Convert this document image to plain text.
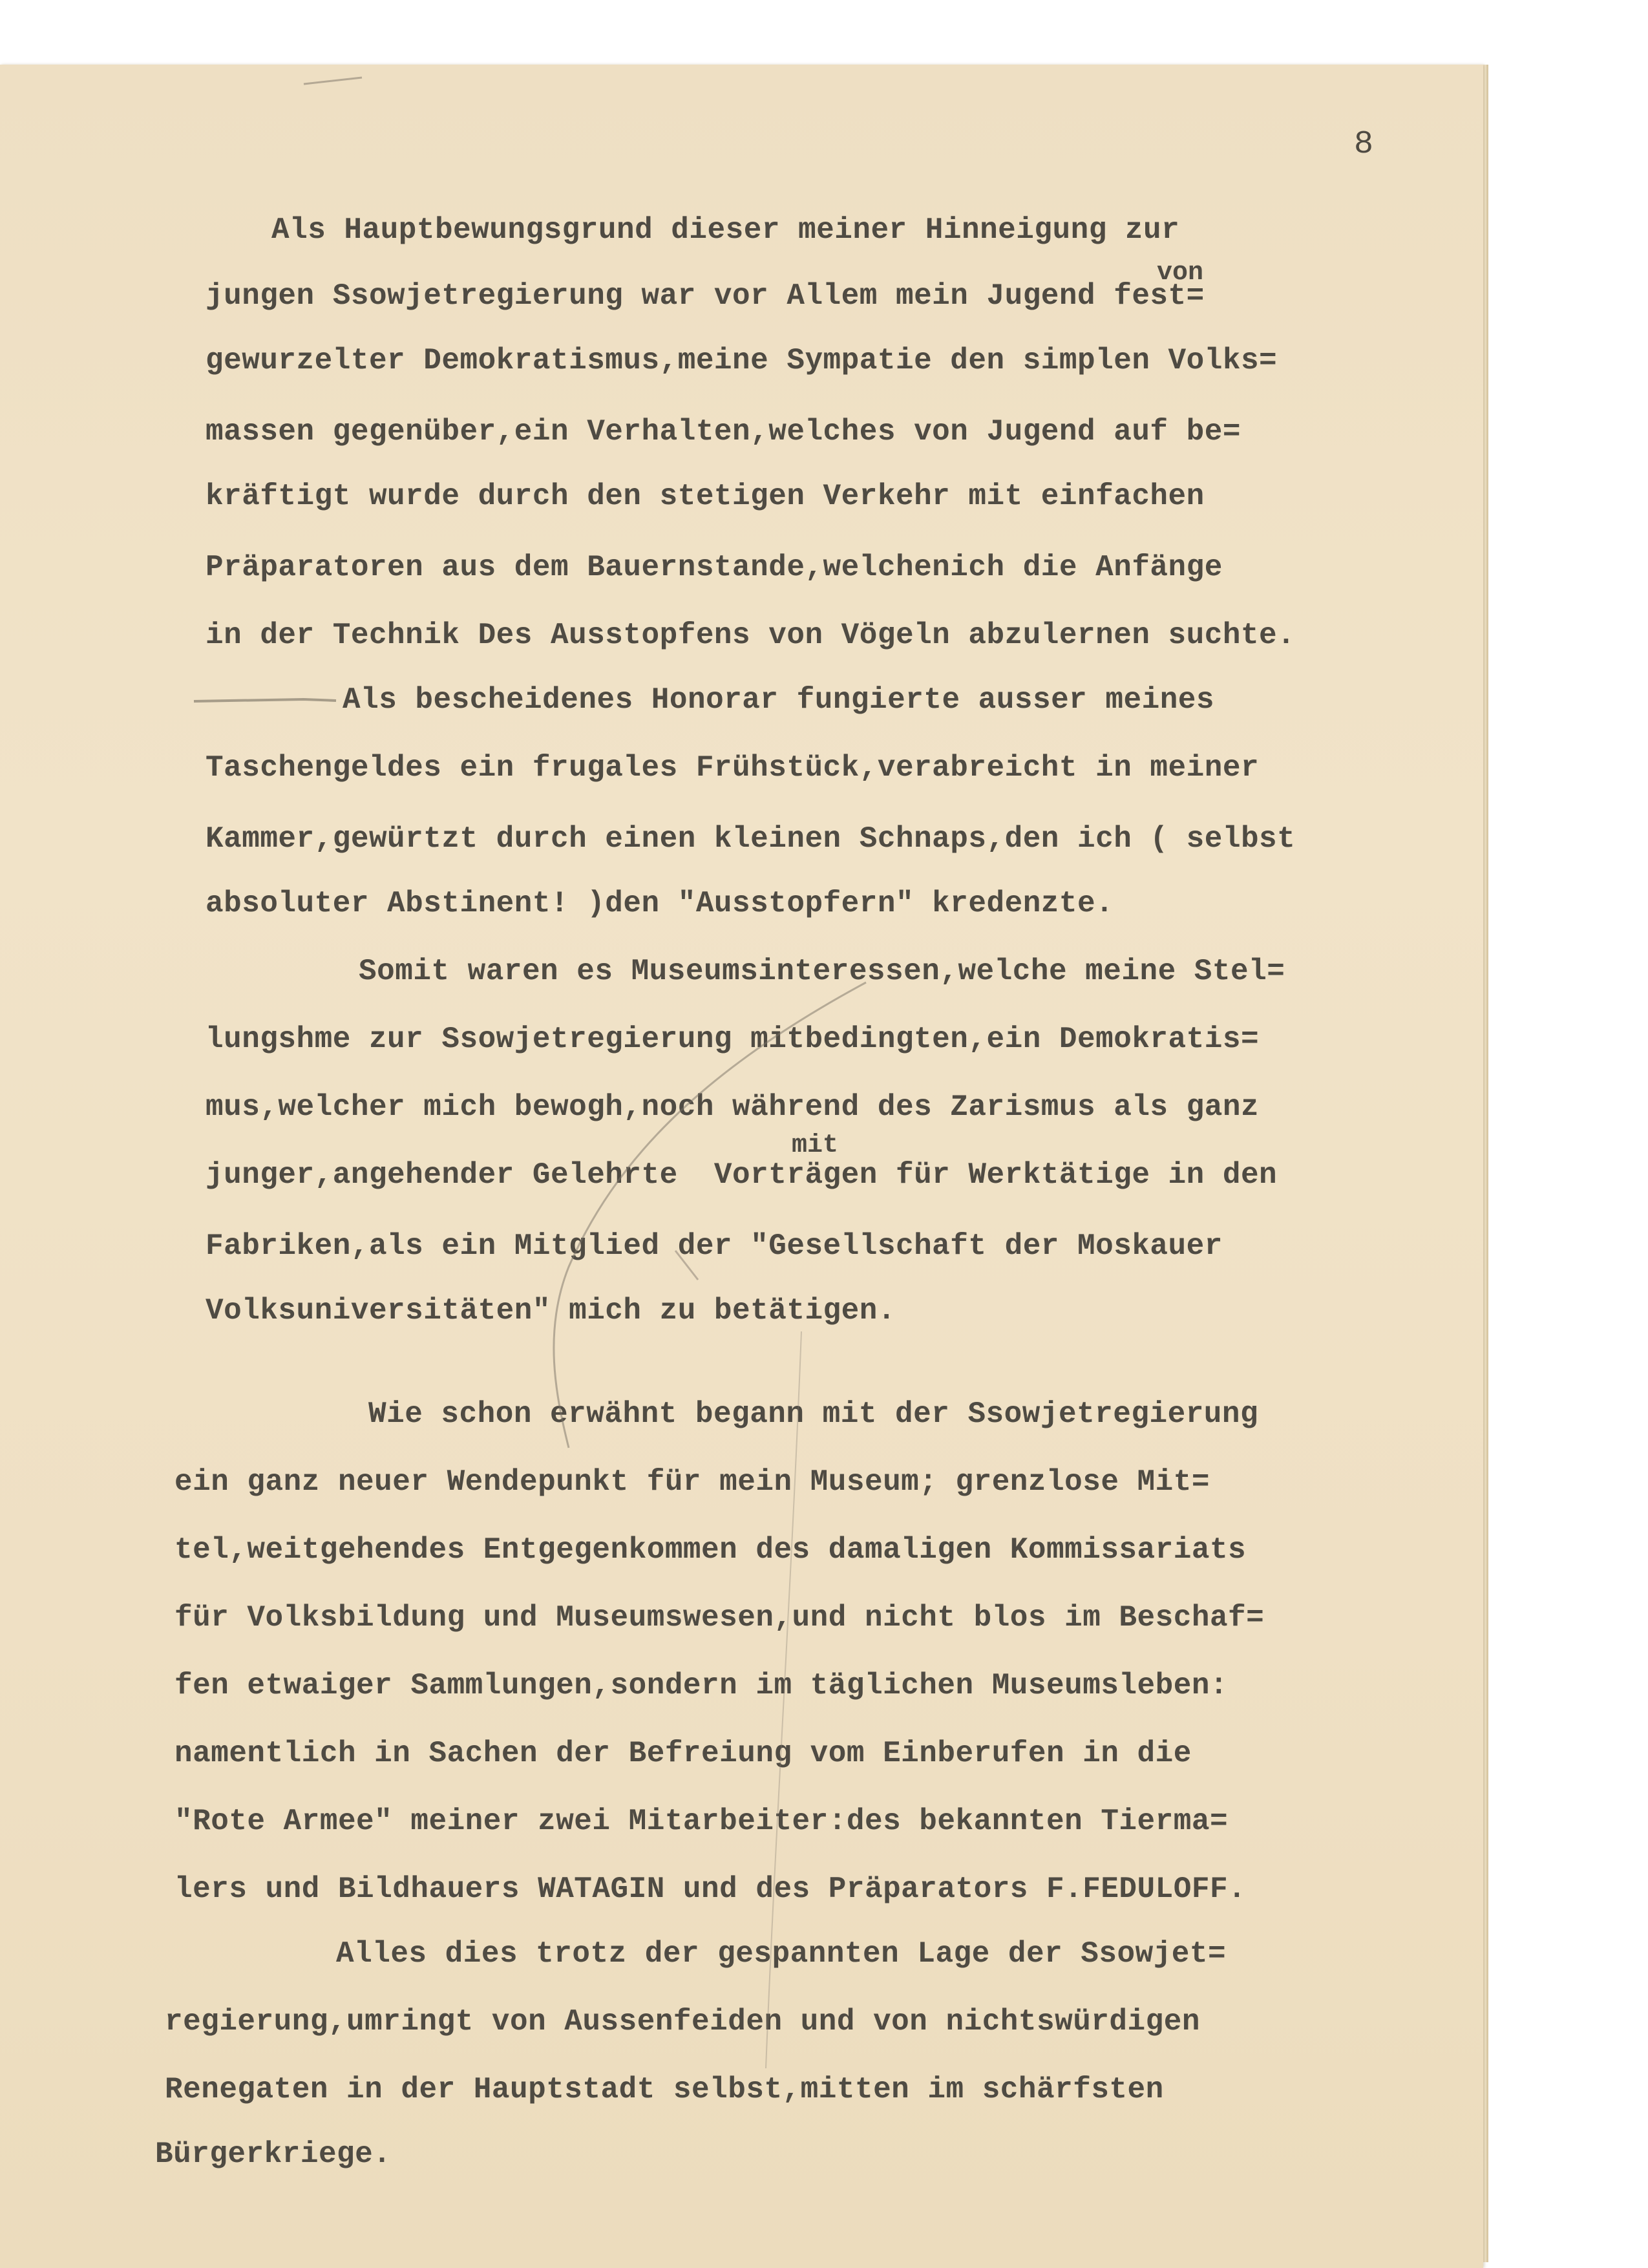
8
Als Hauptbewungsgrund dieser meiner Hinneigung zur
jungen Ssowjetregierung war vor Allem mein Jugend fest=
gewurzelter Demokratismus,meine Sympatie den simplen Volks=
massen gegenüber,ein Verhalten,welches von Jugend auf be=
kräftigt wurde durch den stetigen Verkehr mit einfachen
Präparatoren aus dem Bauernstande,welchenich die Anfänge
in der Technik Des Ausstopfens von Vögeln abzulernen suchte.
Als bescheidenes Honorar fungierte ausser meines
Taschengeldes ein frugales Frühstück,verabreicht in meiner
Kammer,gewürtzt durch einen kleinen Schnaps,den ich ( selbst
absoluter Abstinent! )den "Ausstopfern" kredenzte.
Somit waren es Museumsinteressen,welche meine Stel=
lungshme zur Ssowjetregierung mitbedingten,ein Demokratis=
mus,welcher mich bewogh,noch während des Zarismus als ganz
junger,angehender Gelehrte  Vorträgen für Werktätige in den
Fabriken,als ein Mitglied der "Gesellschaft der Moskauer
Volksuniversitäten" mich zu betätigen.
Wie schon erwähnt begann mit der Ssowjetregierung
ein ganz neuer Wendepunkt für mein Museum; grenzlose Mit=
tel,weitgehendes Entgegenkommen des damaligen Kommissariats
für Volksbildung und Museumswesen,und nicht blos im Beschaf=
fen etwaiger Sammlungen,sondern im täglichen Museumsleben:
namentlich in Sachen der Befreiung vom Einberufen in die
"Rote Armee" meiner zwei Mitarbeiter:des bekannten Tierma=
lers und Bildhauers WATAGIN und des Präparators F.FEDULOFF.
Alles dies trotz der gespannten Lage der Ssowjet=
regierung,umringt von Aussenfeiden und von nichtswürdigen
Renegaten in der Hauptstadt selbst,mitten im schärfsten
Bürgerkriege.
von
mit
